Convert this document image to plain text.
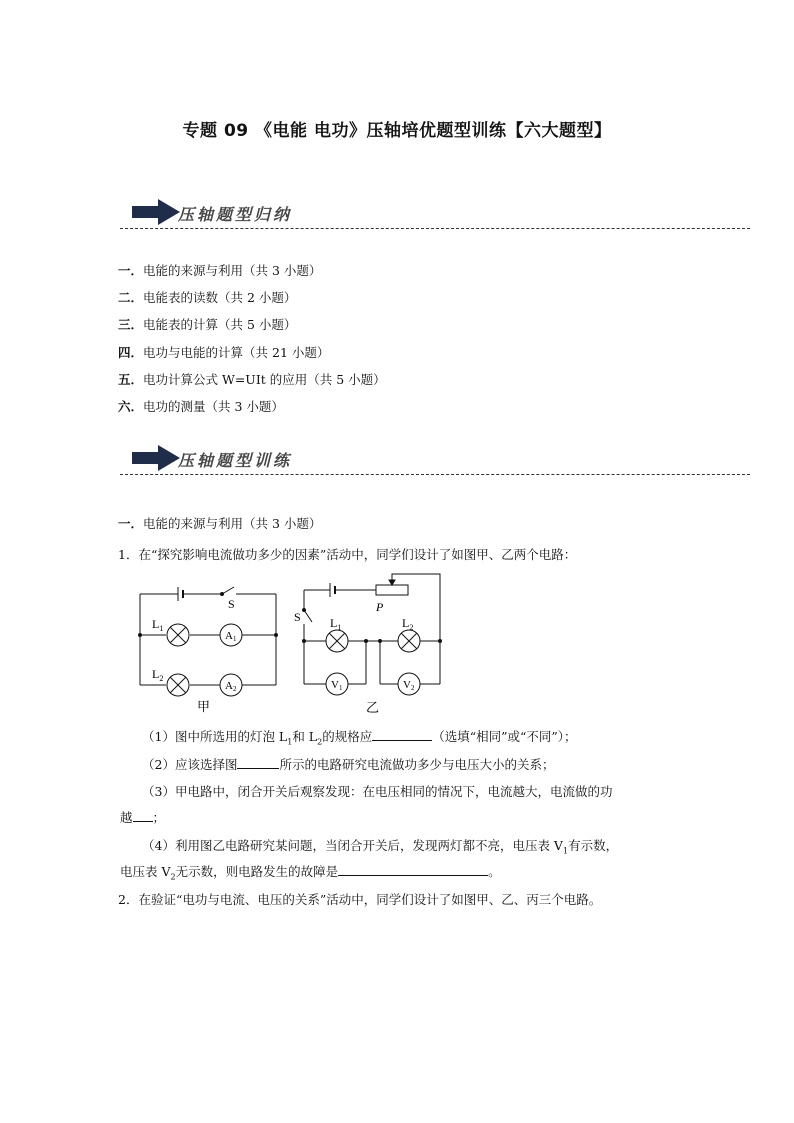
专题 09 《电能 电功》压轴培优题型训练【六大题型】
压轴题型归纳
一．电能的来源与利用（共 3 小题）
二．电能表的读数（共 2 小题）
三．电能表的计算（共 5 小题）
四．电功与电能的计算（共 21 小题）
五．电功计算公式 W=UIt 的应用（共 5 小题）
六．电功的测量（共 3 小题）
压轴题型训练
一．电能的来源与利用（共 3 小题）
1．在“探究影响电流做功多少的因素”活动中，同学们设计了如图甲、乙两个电路：
S
$L_1$
$L_2$
A1
A2
甲
S
P
$L_1$	$L_2$
V1	V2
乙
（1）图中所选用的灯泡 $L_1$和 $L_2$的规格应	（选填“相同”或“不同”）；
（2）应该选择图	所示的电路研究电流做功多少与电压大小的关系；
（3）甲电路中，闭合开关后观察发现：在电压相同的情况下，电流越大，电流做的功
越 ；
（4）利用图乙电路研究某问题，当闭合开关后，发现两灯都不亮，电压表 $V_1$有示数，
电压表 $V_2$无示数，则电路发生的故障是	。
2．在验证“电功与电流、电压的关系”活动中，同学们设计了如图甲、乙、丙三个电路。
